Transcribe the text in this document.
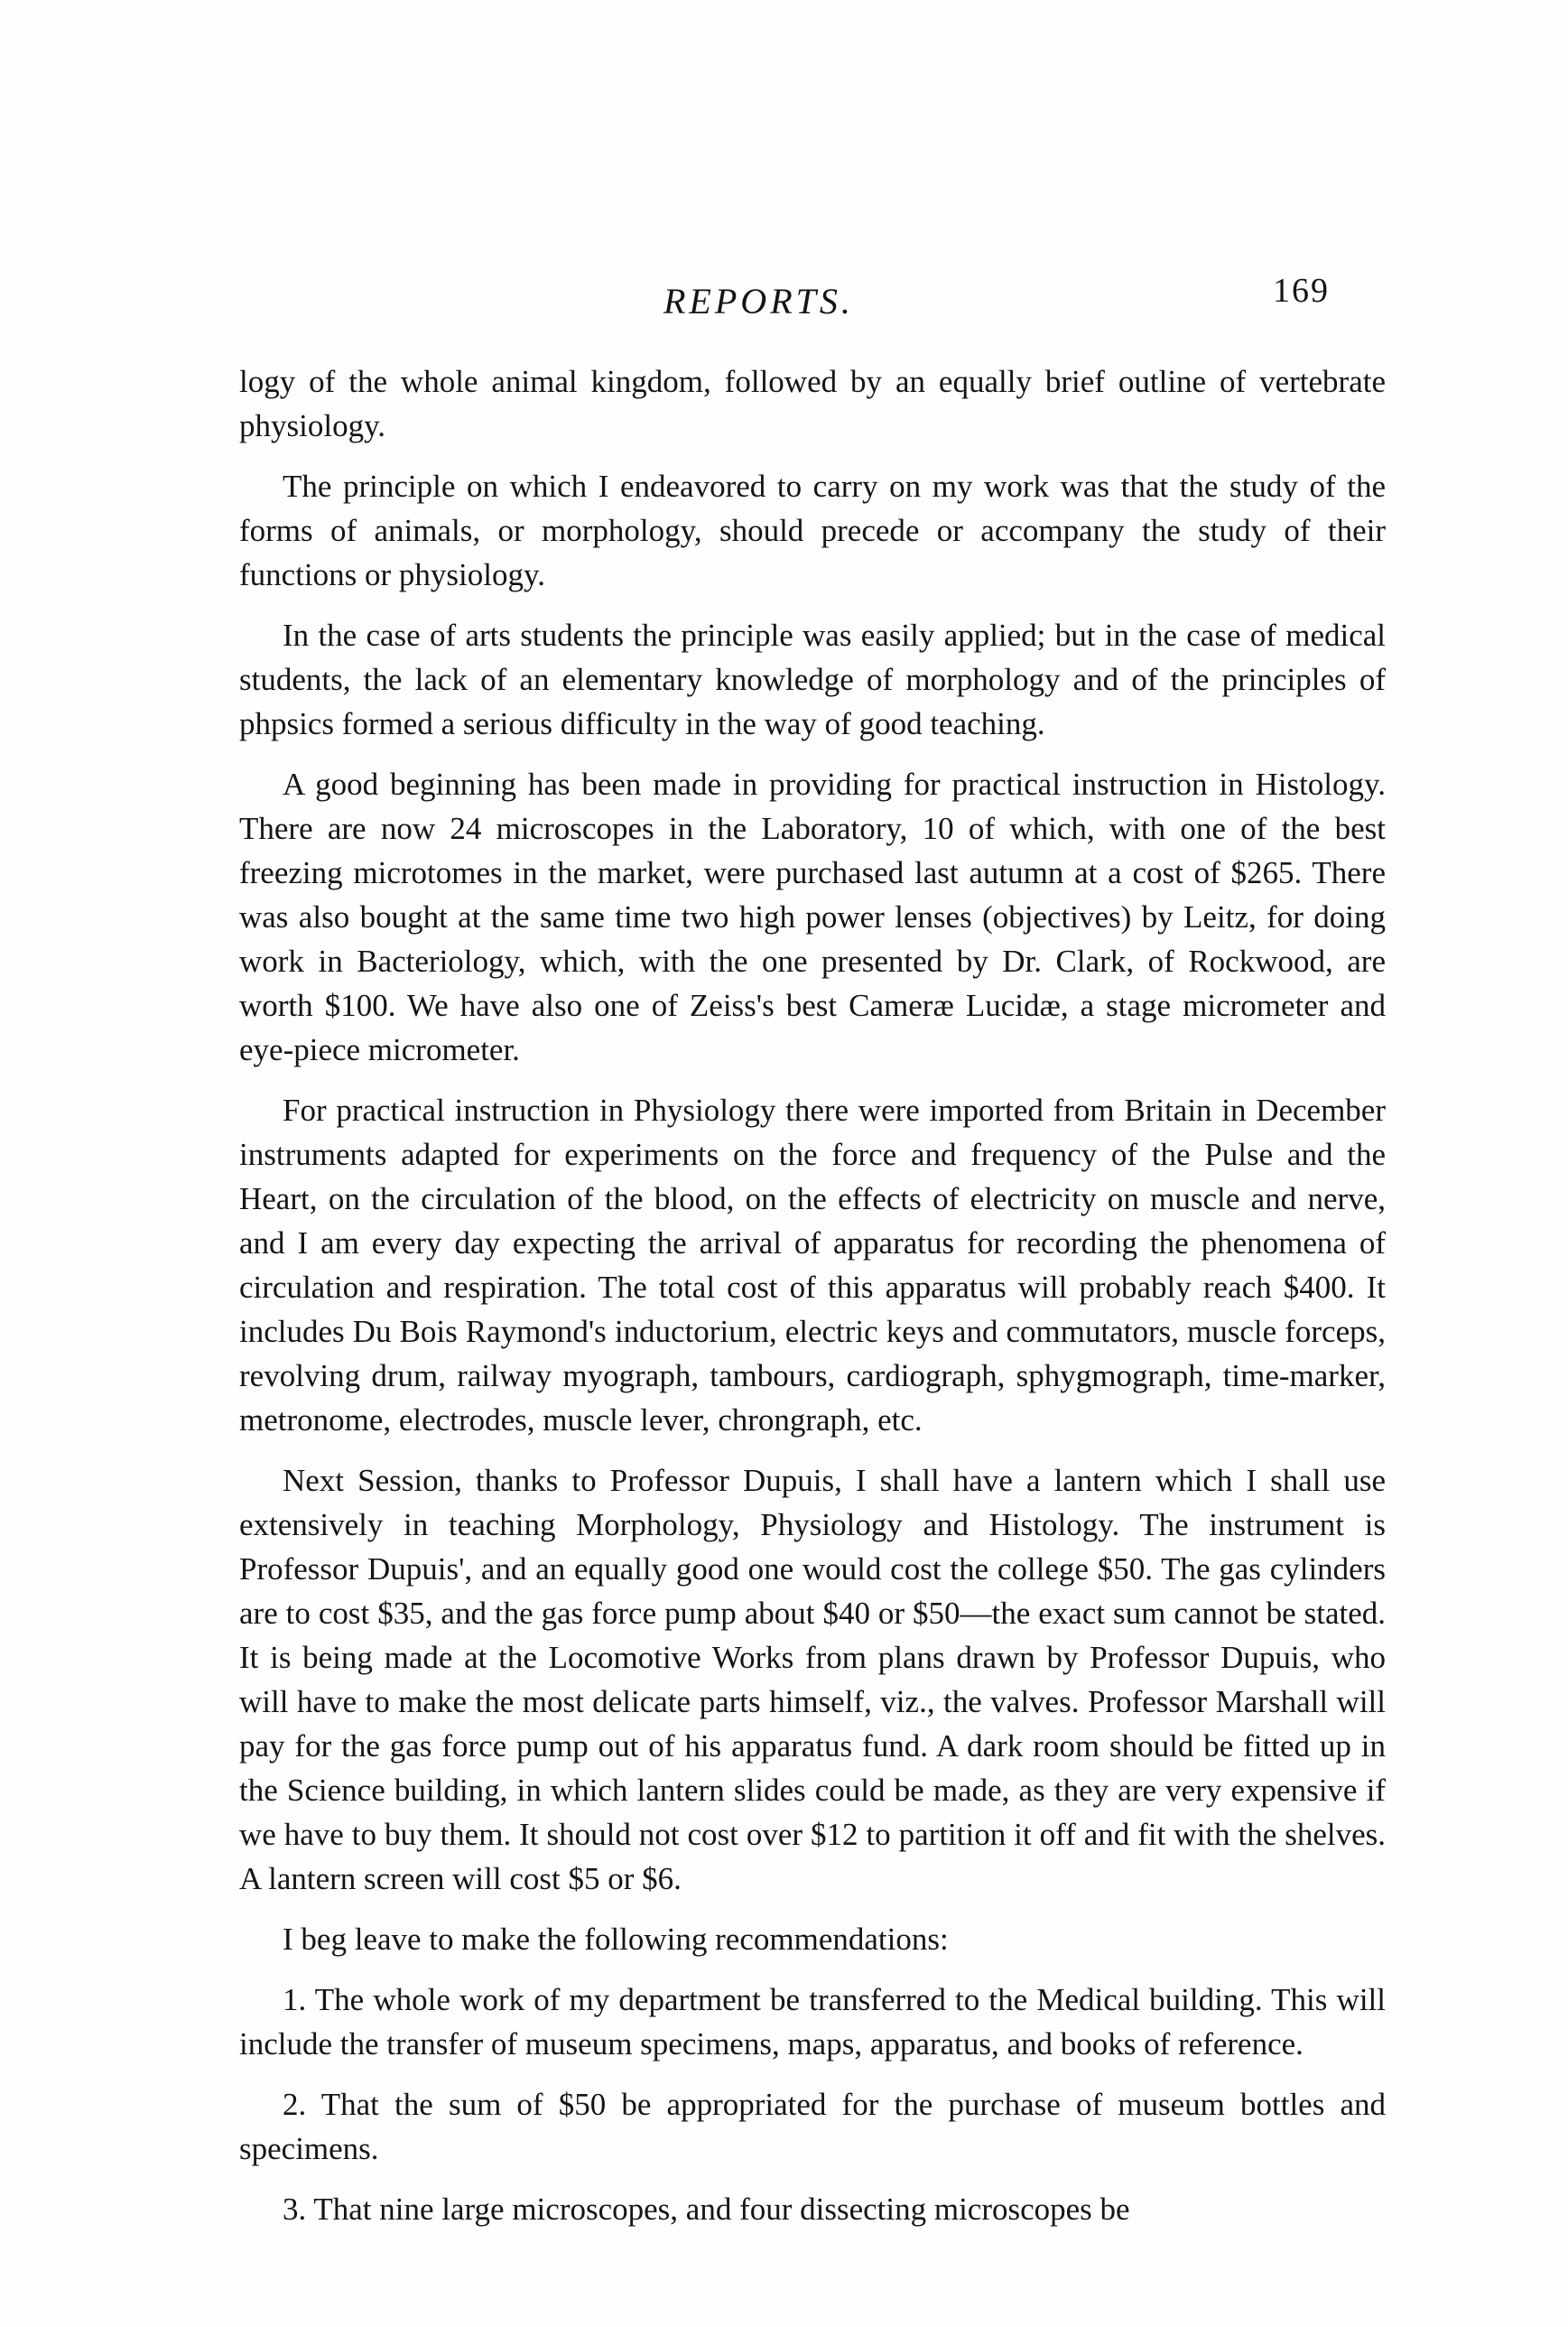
REPORTS.	169

logy of the whole animal kingdom, followed by an equally brief outline of vertebrate physiology.

The principle on which I endeavored to carry on my work was that the study of the forms of animals, or morphology, should precede or accompany the study of their functions or physiology.

In the case of arts students the principle was easily applied; but in the case of medical students, the lack of an elementary knowledge of morphology and of the principles of phpsics formed a serious difficulty in the way of good teaching.

A good beginning has been made in providing for practical instruction in Histology. There are now 24 microscopes in the Laboratory, 10 of which, with one of the best freezing microtomes in the market, were purchased last autumn at a cost of $265. There was also bought at the same time two high power lenses (objectives) by Leitz, for doing work in Bacteriology, which, with the one presented by Dr. Clark, of Rockwood, are worth $100. We have also one of Zeiss's best Cameræ Lucidæ, a stage micrometer and eye-piece micrometer.

For practical instruction in Physiology there were imported from Britain in December instruments adapted for experiments on the force and frequency of the Pulse and the Heart, on the circulation of the blood, on the effects of electricity on muscle and nerve, and I am every day expecting the arrival of apparatus for recording the phenomena of circulation and respiration. The total cost of this apparatus will probably reach $400. It includes Du Bois Raymond's inductorium, electric keys and commutators, muscle forceps, revolving drum, railway myograph, tambours, cardiograph, sphygmograph, time-marker, metronome, electrodes, muscle lever, chrongraph, etc.

Next Session, thanks to Professor Dupuis, I shall have a lantern which I shall use extensively in teaching Morphology, Physiology and Histology. The instrument is Professor Dupuis', and an equally good one would cost the college $50. The gas cylinders are to cost $35, and the gas force pump about $40 or $50—the exact sum cannot be stated. It is being made at the Locomotive Works from plans drawn by Professor Dupuis, who will have to make the most delicate parts himself, viz., the valves. Professor Marshall will pay for the gas force pump out of his apparatus fund. A dark room should be fitted up in the Science building, in which lantern slides could be made, as they are very expensive if we have to buy them. It should not cost over $12 to partition it off and fit with the shelves. A lantern screen will cost $5 or $6.

I beg leave to make the following recommendations:

1. The whole work of my department be transferred to the Medical building. This will include the transfer of museum specimens, maps, apparatus, and books of reference.

2. That the sum of $50 be appropriated for the purchase of museum bottles and specimens.

3. That nine large microscopes, and four dissecting microscopes be
